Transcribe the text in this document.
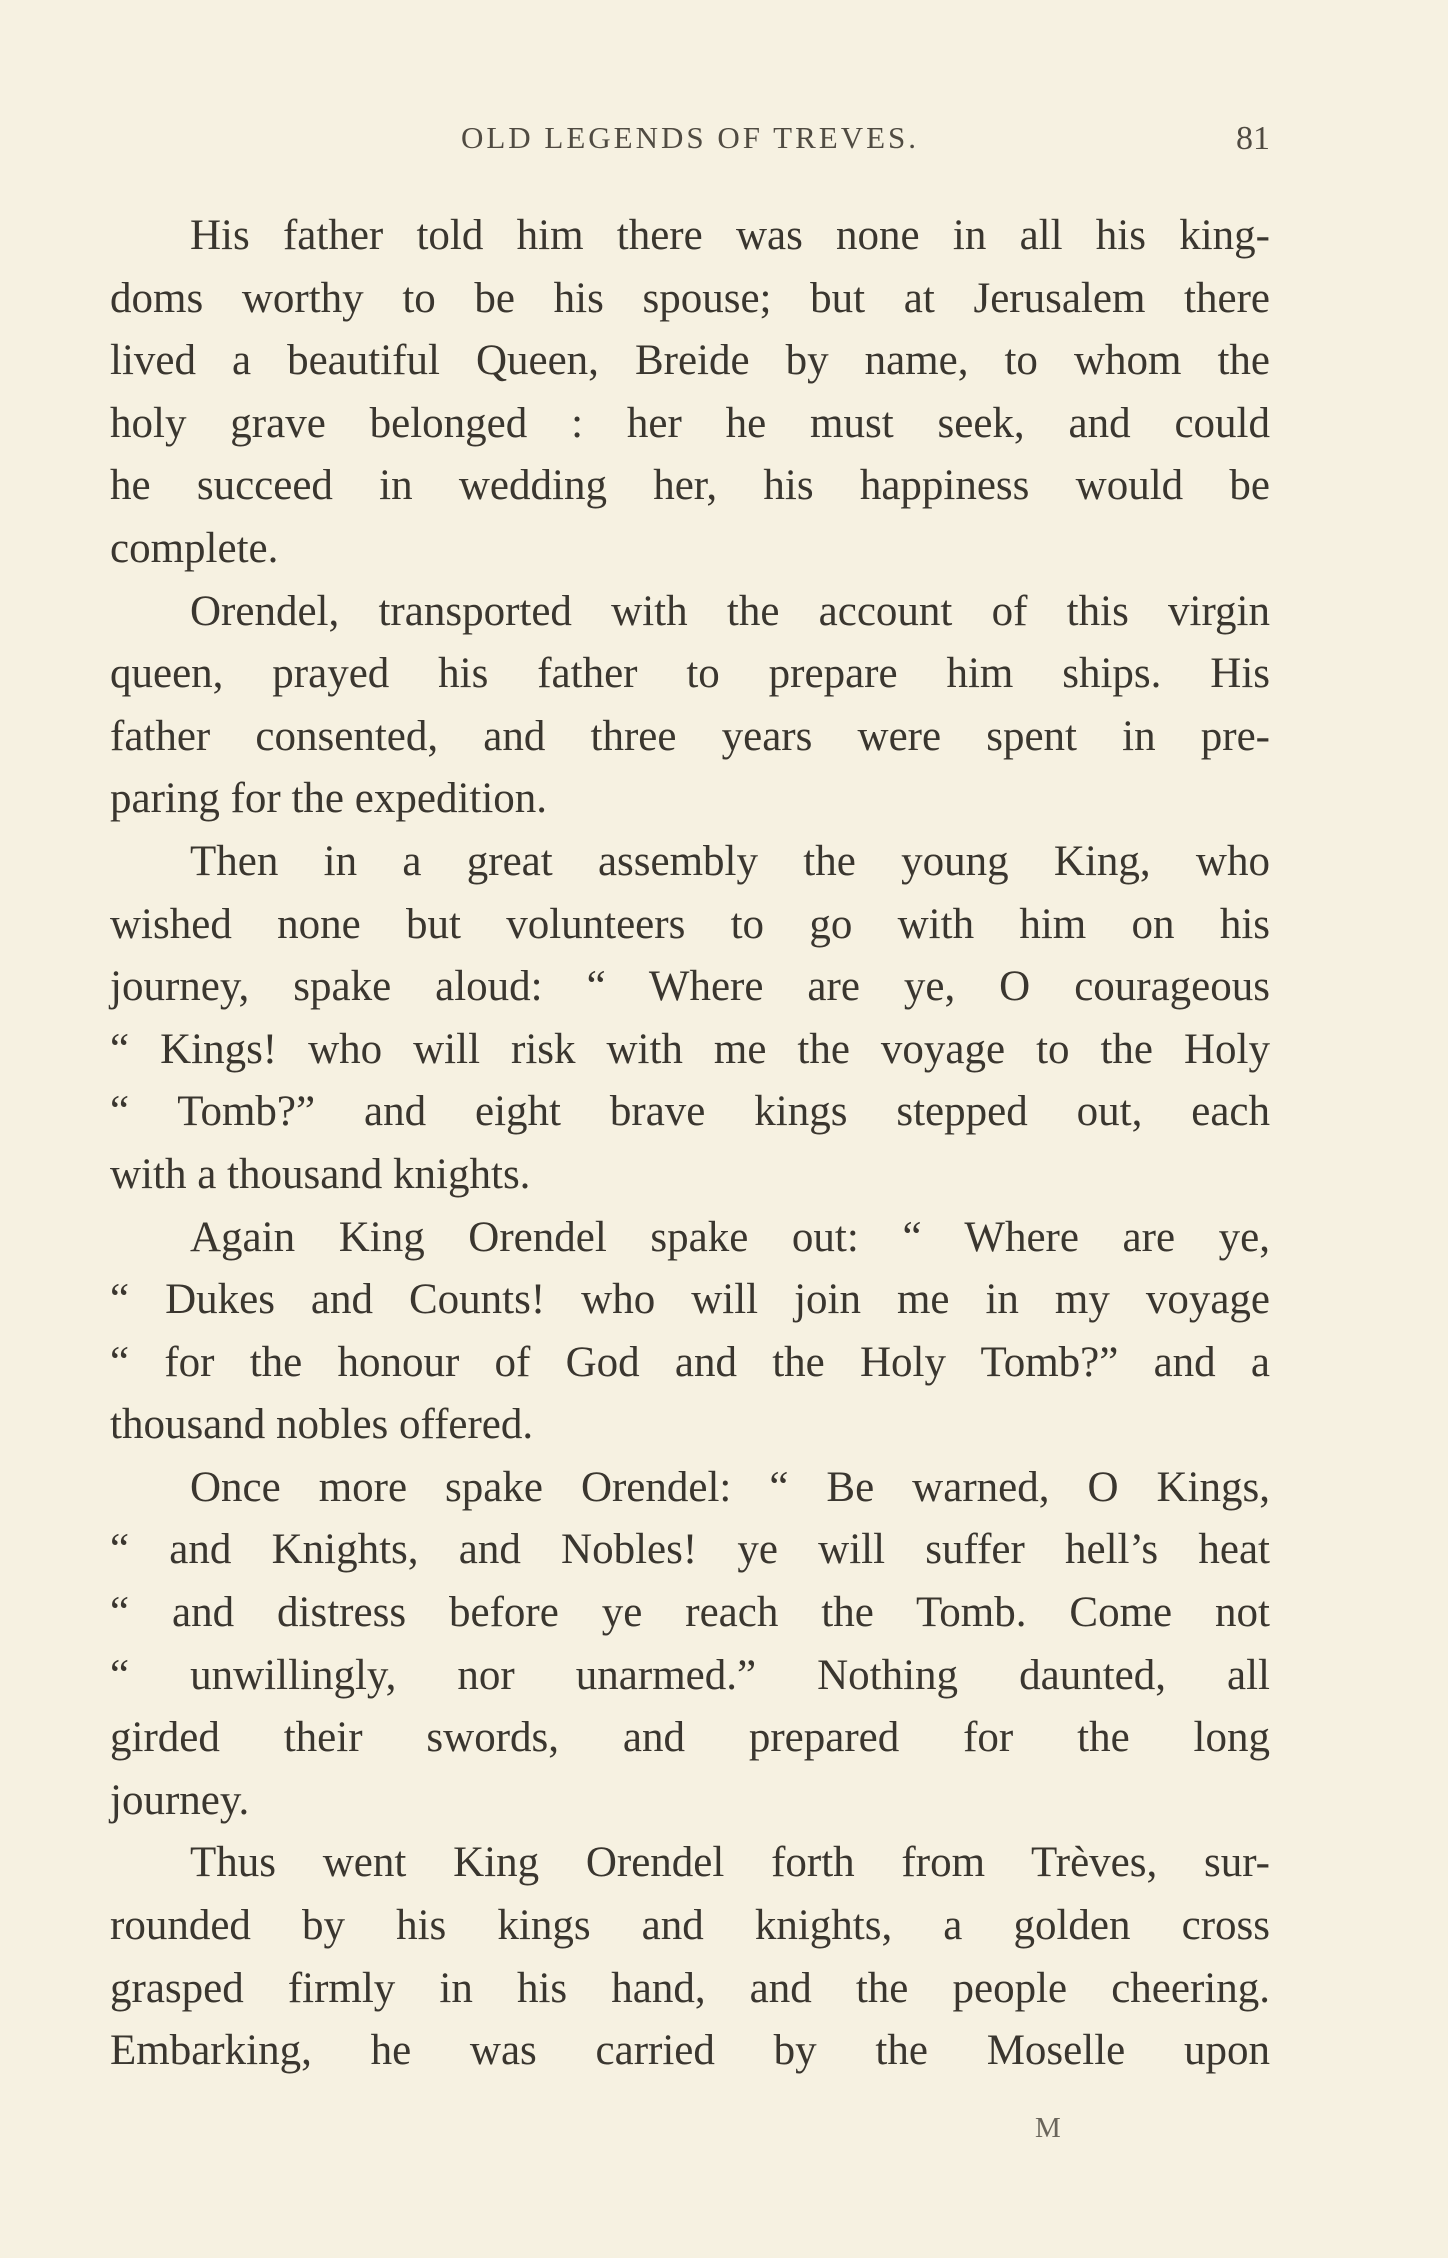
OLD LEGENDS OF TREVES.	81
His father told him there was none in all his king-
doms worthy to be his spouse; but at Jerusalem there
lived a beautiful Queen, Breide by name, to whom the
holy grave belonged : her he must seek, and could
he succeed in wedding her, his happiness would be
complete.
Orendel, transported with the account of this virgin
queen, prayed his father to prepare him ships. His
father consented, and three years were spent in pre-
paring for the expedition.
Then in a great assembly the young King, who
wished none but volunteers to go with him on his
journey, spake aloud: “ Where are ye, O courageous
“ Kings! who will risk with me the voyage to the Holy
“ Tomb?” and eight brave kings stepped out, each
with a thousand knights.
Again King Orendel spake out: “ Where are ye,
“ Dukes and Counts! who will join me in my voyage
“ for the honour of God and the Holy Tomb?” and a
thousand nobles offered.
Once more spake Orendel: “ Be warned, O Kings,
“ and Knights, and Nobles! ye will suffer hell’s heat
“ and distress before ye reach the Tomb. Come not
“ unwillingly, nor unarmed.” Nothing daunted, all
girded their swords, and prepared for the long
journey.
Thus went King Orendel forth from Trèves, sur-
rounded by his kings and knights, a golden cross
grasped firmly in his hand, and the people cheering.
Embarking, he was carried by the Moselle upon
M
